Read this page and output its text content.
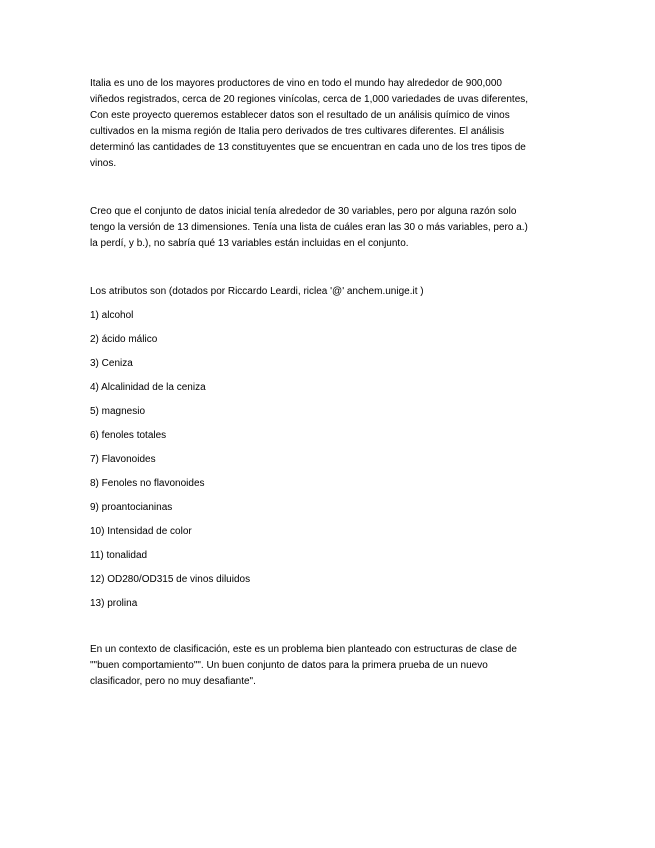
Italia es uno de los mayores productores de vino en todo el mundo hay alrededor de 900,000
viñedos registrados, cerca de 20 regiones vinícolas, cerca de 1,000 variedades de uvas diferentes,
Con este proyecto queremos establecer datos son el resultado de un análisis químico de vinos
cultivados en la misma región de Italia pero derivados de tres cultivares diferentes. El análisis
determinó las cantidades de 13 constituyentes que se encuentran en cada uno de los tres tipos de
vinos.

Creo que el conjunto de datos inicial tenía alrededor de 30 variables, pero por alguna razón solo
tengo la versión de 13 dimensiones. Tenía una lista de cuáles eran las 30 o más variables, pero a.)
la perdí, y b.), no sabría qué 13 variables están incluidas en el conjunto.

Los atributos son (dotados por Riccardo Leardi, riclea '@' anchem.unige.it )

1) alcohol
2) ácido málico
3) Ceniza
4) Alcalinidad de la ceniza
5) magnesio
6) fenoles totales
7) Flavonoides
8) Fenoles no flavonoides
9) proantocianinas
10) Intensidad de color
11) tonalidad
12) OD280/OD315 de vinos diluidos
13) prolina

En un contexto de clasificación, este es un problema bien planteado con estructuras de clase de
""buen comportamiento"". Un buen conjunto de datos para la primera prueba de un nuevo
clasificador, pero no muy desafiante".
